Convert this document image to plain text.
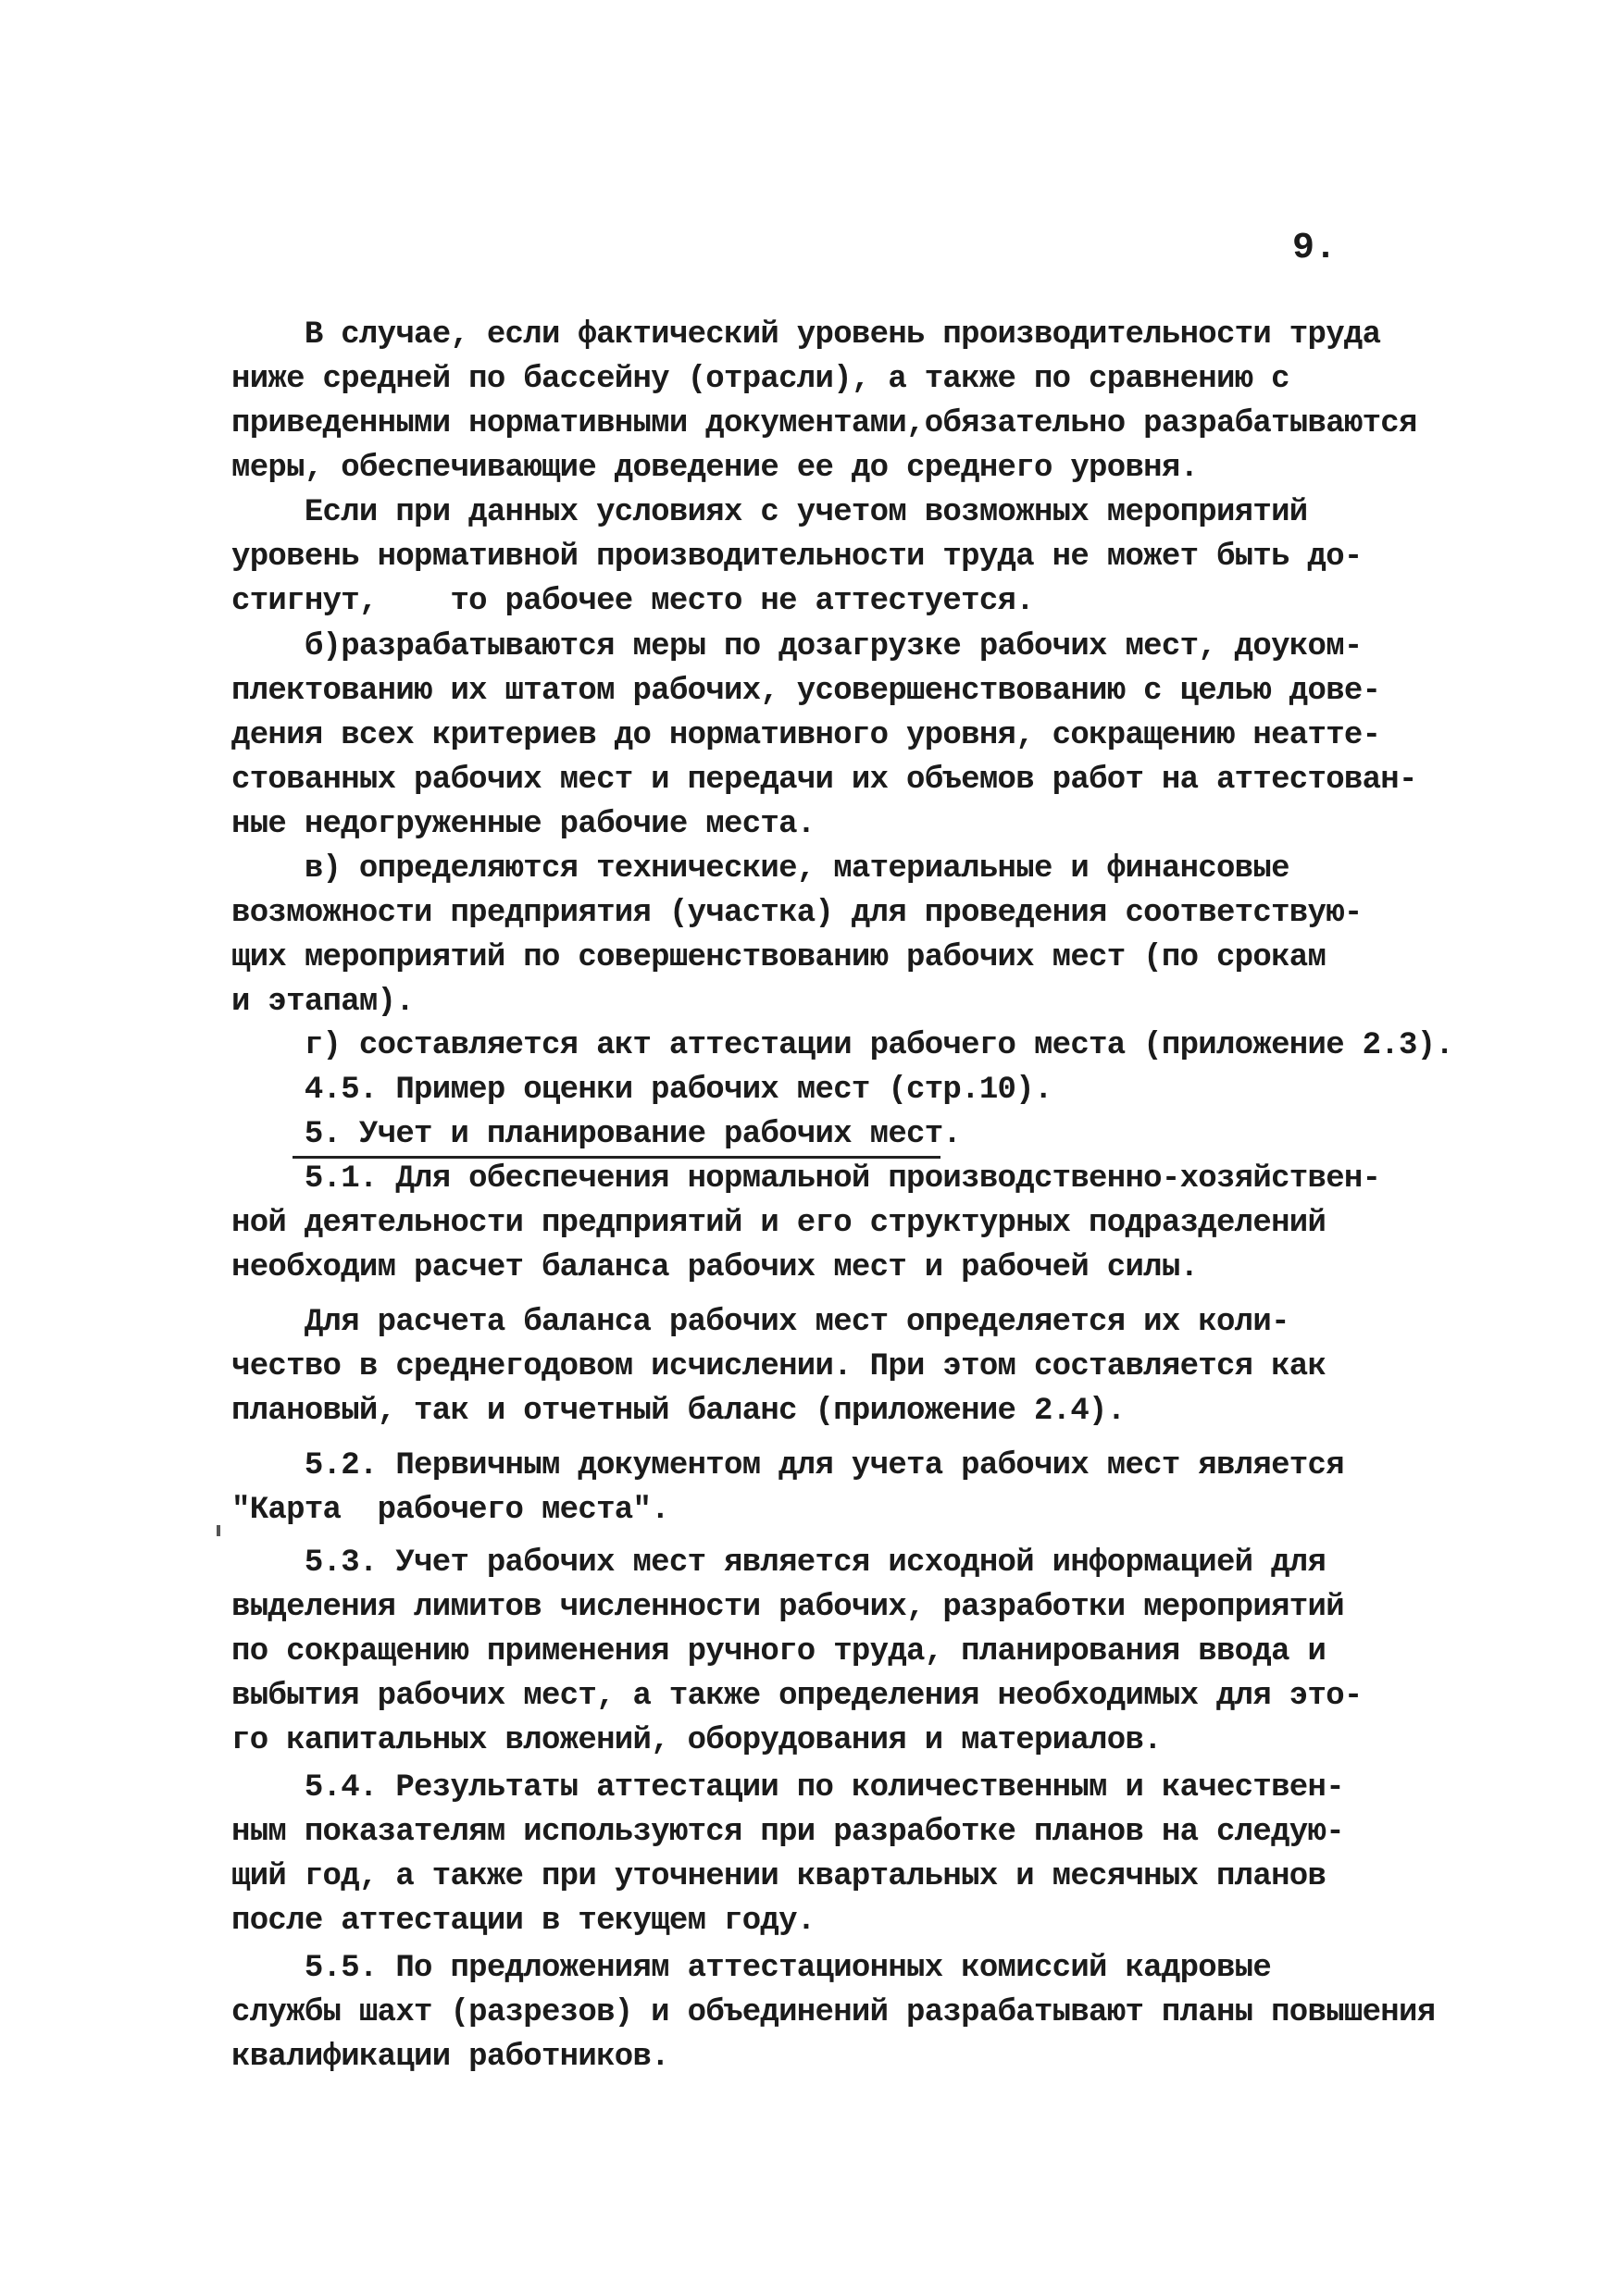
9.

В случае, если фактический уровень производительности труда
ниже средней по бассейну (отрасли), а также по сравнению с
приведенными нормативными документами,обязательно разрабатываются
меры, обеспечивающие доведение ее до среднего уровня.

Если при данных условиях с учетом возможных мероприятий
уровень нормативной производительности труда не может быть до-
стигнут,    то рабочее место не аттестуется.

б)разрабатываются меры по дозагрузке рабочих мест, доуком-
плектованию их штатом рабочих, усовершенствованию с целью дове-
дения всех критериев до нормативного уровня, сокращению неатте-
стованных рабочих мест и передачи их объемов работ на аттестован-
ные недогруженные рабочие места.

в) определяются технические, материальные и финансовые
возможности предприятия (участка) для проведения соответствую-
щих мероприятий по совершенствованию рабочих мест (по срокам
и этапам).

г) составляется акт аттестации рабочего места (приложение 2.3).

4.5. Пример оценки рабочих мест (стр.10).

5. Учет и планирование рабочих мест.

5.1. Для обеспечения нормальной производственно-хозяйствен-
ной деятельности предприятий и его структурных подразделений
необходим расчет баланса рабочих мест и рабочей силы.

Для расчета баланса рабочих мест определяется их коли-
чество в среднегодовом исчислении. При этом составляется как
плановый, так и отчетный баланс (приложение 2.4).

5.2. Первичным документом для учета рабочих мест является
"Карта  рабочего места".

5.3. Учет рабочих мест является исходной информацией для
выделения лимитов численности рабочих, разработки мероприятий
по сокращению применения ручного труда, планирования ввода и
выбытия рабочих мест, а также определения необходимых для это-
го капитальных вложений, оборудования и материалов.

5.4. Результаты аттестации по количественным и качествен-
ным показателям используются при разработке планов на следую-
щий год, а также при уточнении квартальных и месячных планов
после аттестации в текущем году.

5.5. По предложениям аттестационных комиссий кадровые
службы шахт (разрезов) и объединений разрабатывают планы повышения
квалификации работников.
